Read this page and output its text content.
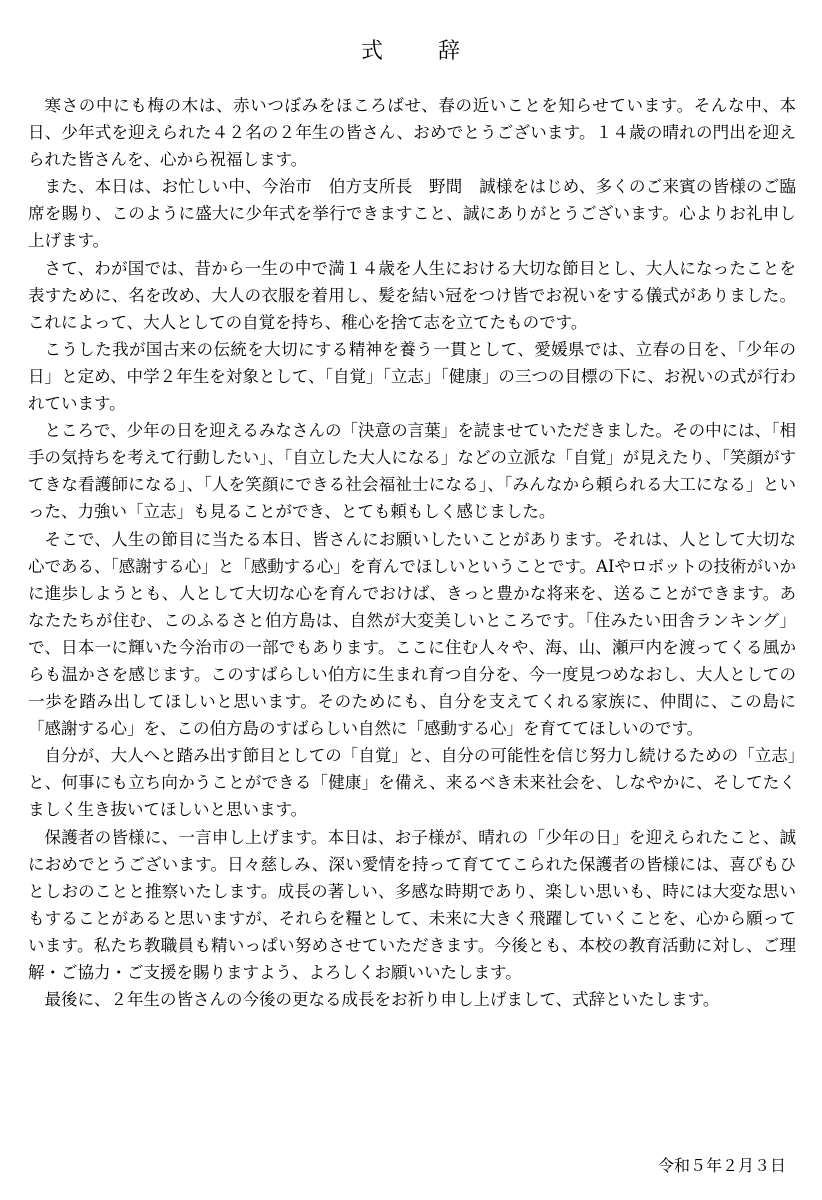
式 辞

寒さの中にも梅の木は、赤いつぼみをほころばせ、春の近いことを知らせています。そんな中、本日、少年式を迎えられた４２名の２年生の皆さん、おめでとうございます。１４歳の晴れの門出を迎えられた皆さんを、心から祝福します。

また、本日は、お忙しい中、今治市　伯方支所長　野間　誠様をはじめ、多くのご来賓の皆様のご臨席を賜り、このように盛大に少年式を挙行できますこと、誠にありがとうございます。心よりお礼申し上げます。

さて、わが国では、昔から一生の中で満１４歳を人生における大切な節目とし、大人になったことを表すために、名を改め、大人の衣服を着用し、髪を結い冠をつけ皆でお祝いをする儀式がありました。これによって、大人としての自覚を持ち、稚心を捨て志を立てたものです。

こうした我が国古来の伝統を大切にする精神を養う一貫として、愛媛県では、立春の日を、「少年の日」と定め、中学２年生を対象として、「自覚」「立志」「健康」の三つの目標の下に、お祝いの式が行われています。

ところで、少年の日を迎えるみなさんの「決意の言葉」を読ませていただきました。その中には、「相手の気持ちを考えて行動したい」、「自立した大人になる」などの立派な「自覚」が見えたり、「笑顔がすてきな看護師になる」、「人を笑顔にできる社会福祉士になる」、「みんなから頼られる大工になる」といった、力強い「立志」も見ることができ、とても頼もしく感じました。

そこで、人生の節目に当たる本日、皆さんにお願いしたいことがあります。それは、人として大切な心である、「感謝する心」と「感動する心」を育んでほしいということです。AIやロボットの技術がいかに進歩しようとも、人として大切な心を育んでおけば、きっと豊かな将来を、送ることができます。あなたたちが住む、このふるさと伯方島は、自然が大変美しいところです。「住みたい田舎ランキング」で、日本一に輝いた今治市の一部でもあります。ここに住む人々や、海、山、瀬戸内を渡ってくる風からも温かさを感じます。このすばらしい伯方に生まれ育つ自分を、今一度見つめなおし、大人としての一歩を踏み出してほしいと思います。そのためにも、自分を支えてくれる家族に、仲間に、この島に「感謝する心」を、この伯方島のすばらしい自然に「感動する心」を育ててほしいのです。

自分が、大人へと踏み出す節目としての「自覚」と、自分の可能性を信じ努力し続けるための「立志」と、何事にも立ち向かうことができる「健康」を備え、来るべき未来社会を、しなやかに、そしてたくましく生き抜いてほしいと思います。

保護者の皆様に、一言申し上げます。本日は、お子様が、晴れの「少年の日」を迎えられたこと、誠におめでとうございます。日々慈しみ、深い愛情を持って育ててこられた保護者の皆様には、喜びもひとしおのことと推察いたします。成長の著しい、多感な時期であり、楽しい思いも、時には大変な思いもすることがあると思いますが、それらを糧として、未来に大きく飛躍していくことを、心から願っています。私たち教職員も精いっぱい努めさせていただきます。今後とも、本校の教育活動に対し、ご理解・ご協力・ご支援を賜りますよう、よろしくお願いいたします。

最後に、２年生の皆さんの今後の更なる成長をお祈り申し上げまして、式辞といたします。

令和５年２月３日
